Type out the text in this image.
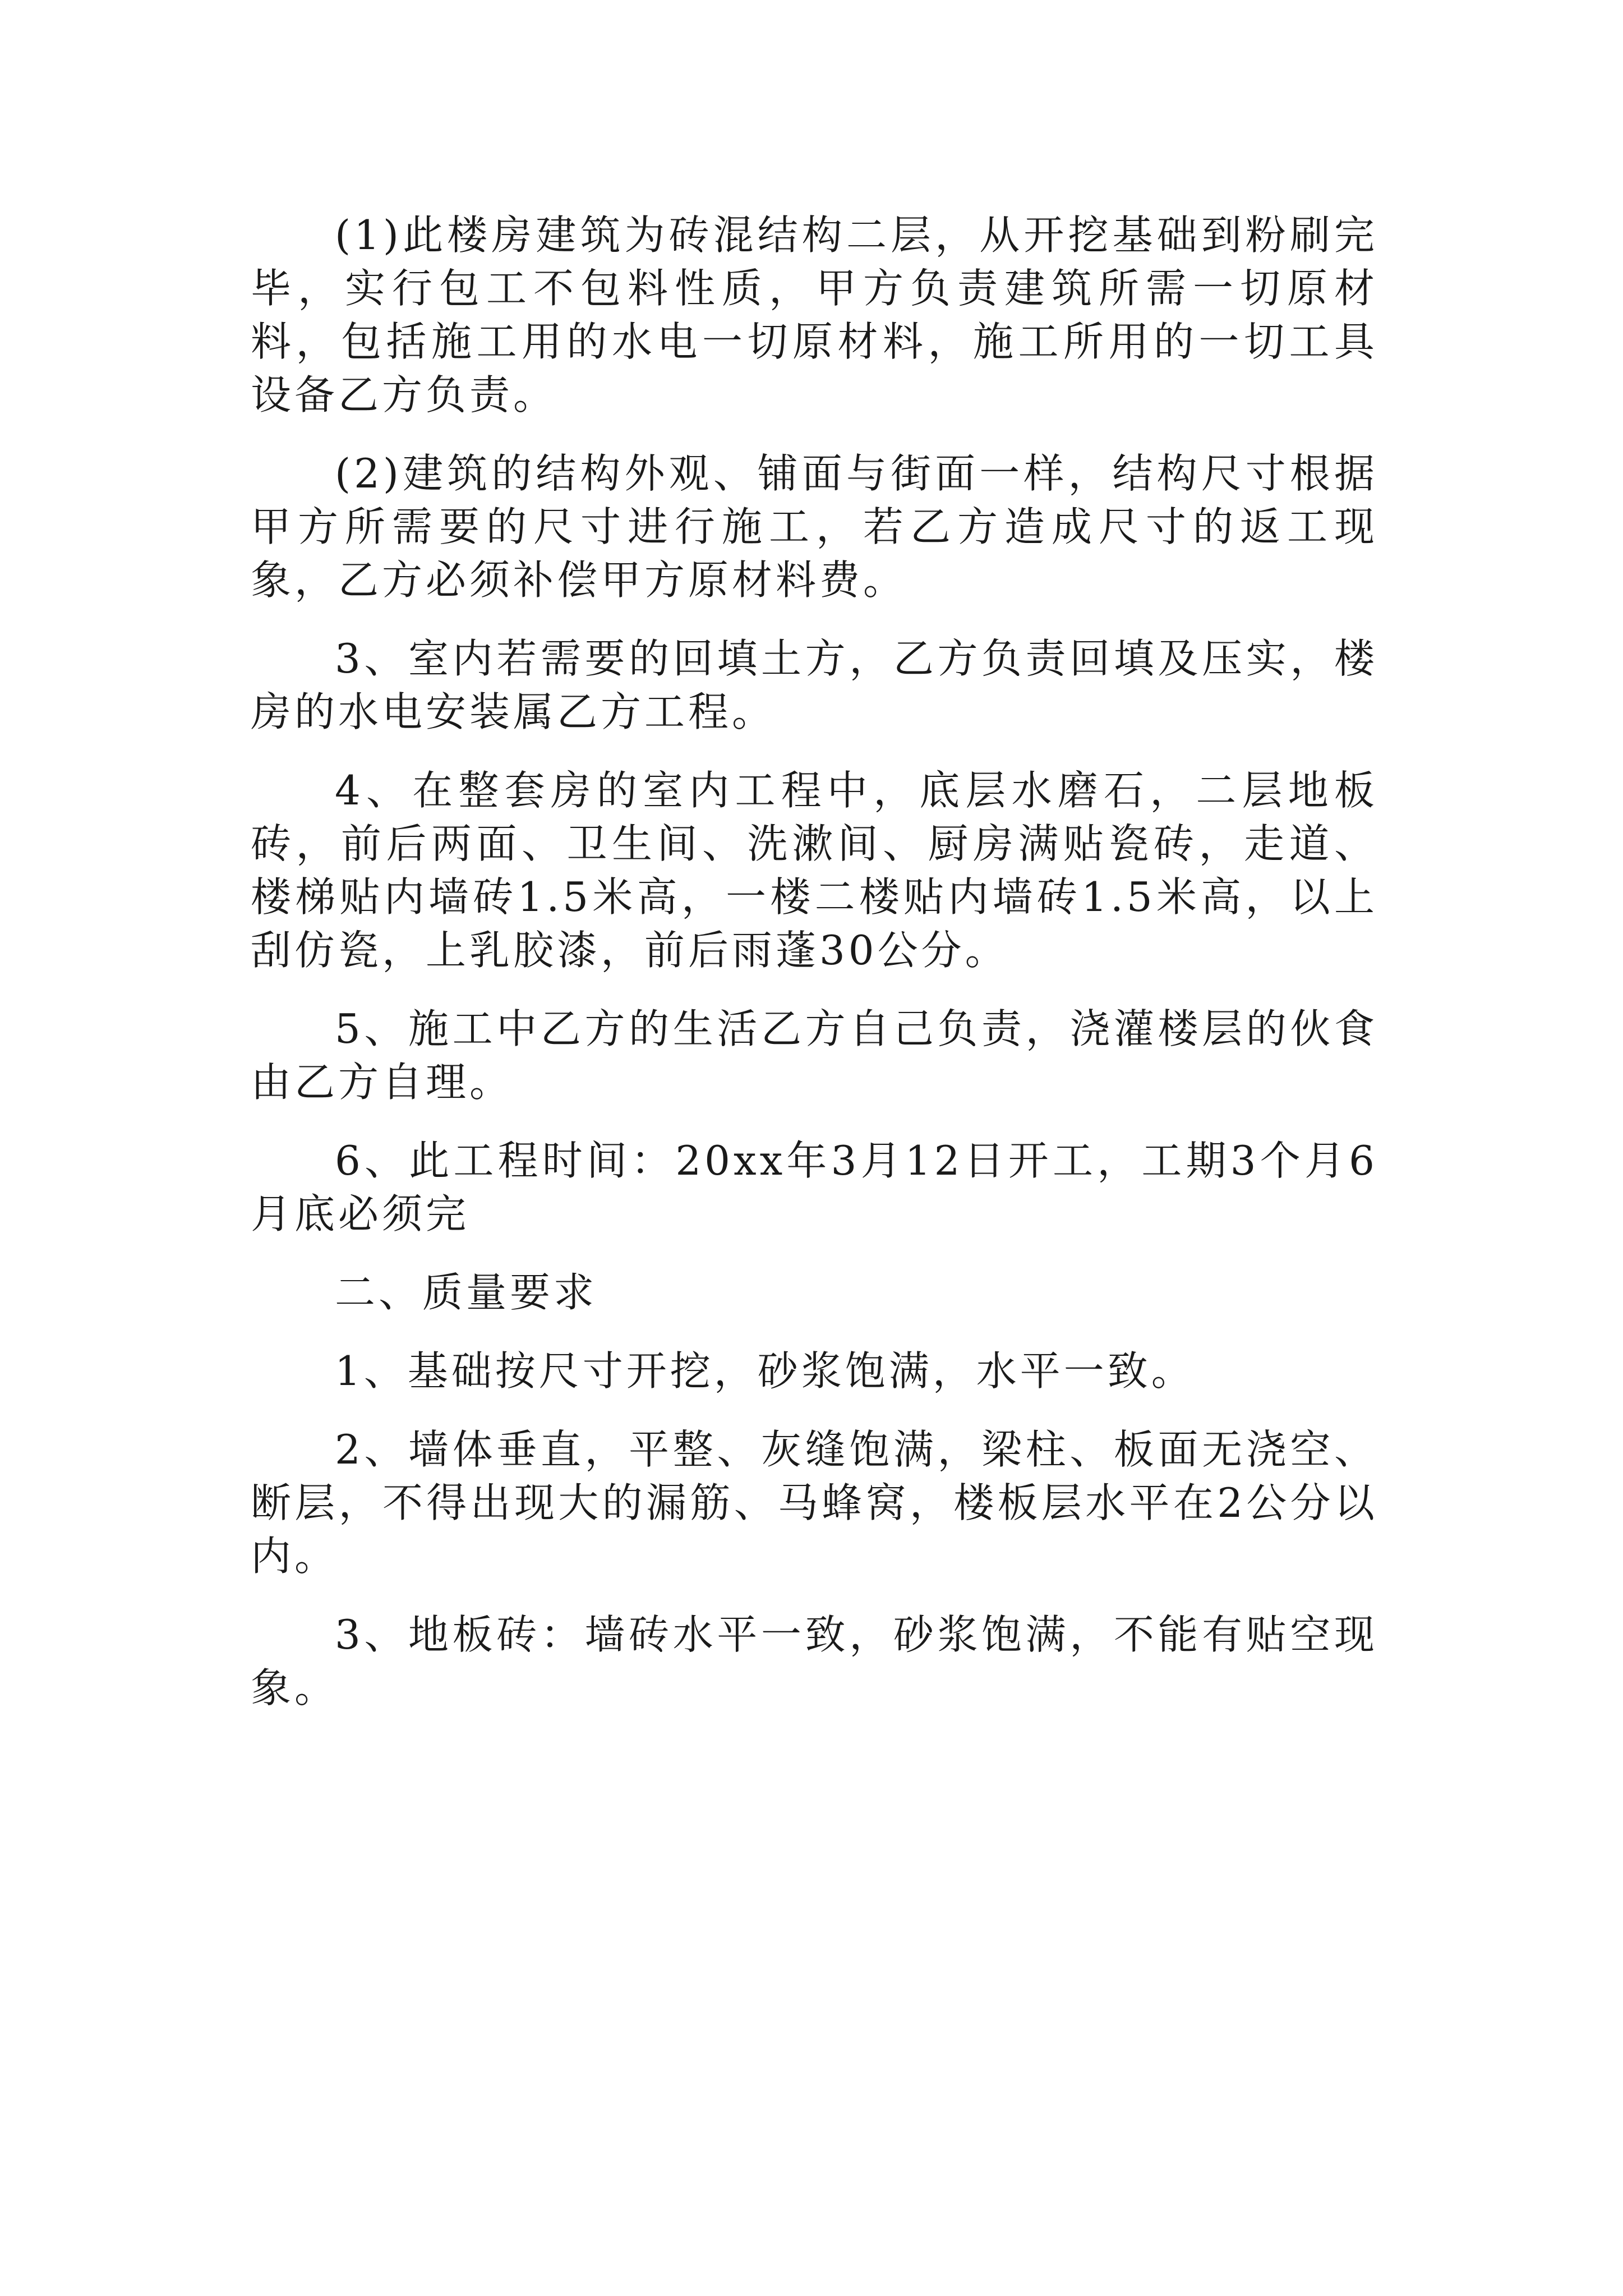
(1)此楼房建筑为砖混结构二层，从开挖基础到粉刷完毕，实行包工不包料性质，甲方负责建筑所需一切原材料，包括施工用的水电一切原材料，施工所用的一切工具设备乙方负责。

(2)建筑的结构外观、铺面与街面一样，结构尺寸根据甲方所需要的尺寸进行施工，若乙方造成尺寸的返工现象，乙方必须补偿甲方原材料费。

3、室内若需要的回填土方，乙方负责回填及压实，楼房的水电安装属乙方工程。

4、在整套房的室内工程中，底层水磨石，二层地板砖，前后两面、卫生间、洗漱间、厨房满贴瓷砖，走道、楼梯贴内墙砖1.5米高，一楼二楼贴内墙砖1.5米高，以上刮仿瓷，上乳胶漆，前后雨蓬30公分。

5、施工中乙方的生活乙方自己负责，浇灌楼层的伙食由乙方自理。

6、此工程时间：20xx年3月12日开工，工期3个月6月底必须完

二、质量要求

1、基础按尺寸开挖，砂浆饱满，水平一致。

2、墙体垂直，平整、灰缝饱满，梁柱、板面无浇空、断层，不得出现大的漏筋、马蜂窝，楼板层水平在2公分以内。

3、地板砖：墙砖水平一致，砂浆饱满，不能有贴空现象。
